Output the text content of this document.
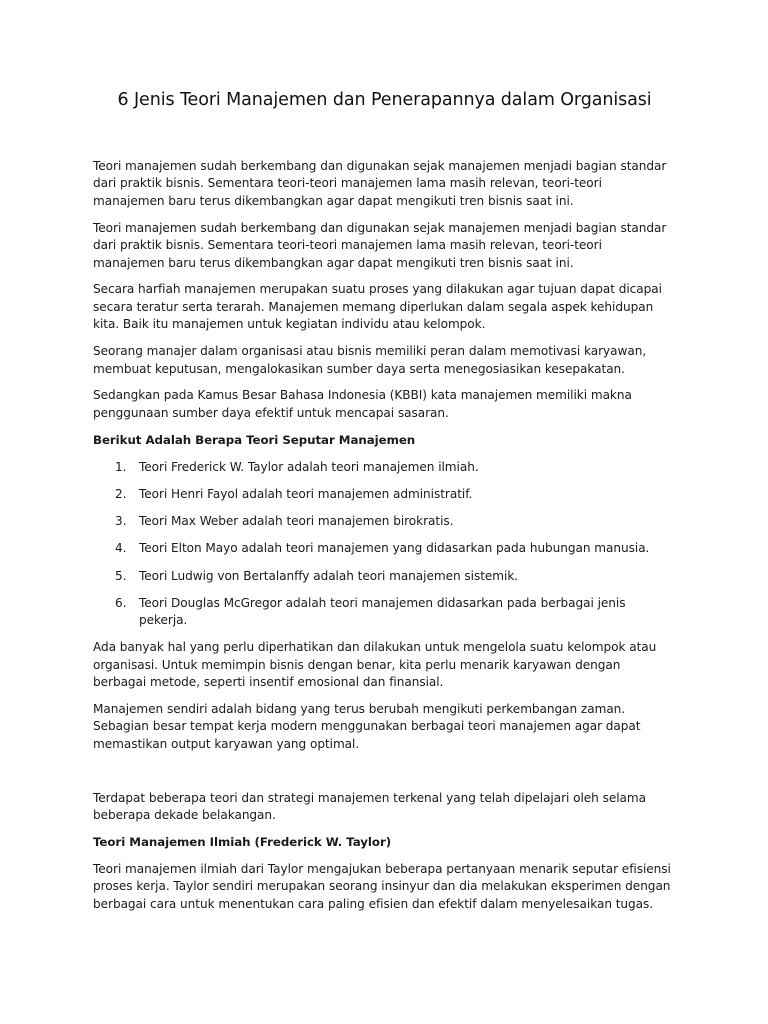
6 Jenis Teori Manajemen dan Penerapannya dalam Organisasi

Teori manajemen sudah berkembang dan digunakan sejak manajemen menjadi bagian standar dari praktik bisnis. Sementara teori-teori manajemen lama masih relevan, teori-teori manajemen baru terus dikembangkan agar dapat mengikuti tren bisnis saat ini.

Teori manajemen sudah berkembang dan digunakan sejak manajemen menjadi bagian standar dari praktik bisnis. Sementara teori-teori manajemen lama masih relevan, teori-teori manajemen baru terus dikembangkan agar dapat mengikuti tren bisnis saat ini.

Secara harfiah manajemen merupakan suatu proses yang dilakukan agar tujuan dapat dicapai secara teratur serta terarah. Manajemen memang diperlukan dalam segala aspek kehidupan kita. Baik itu manajemen untuk kegiatan individu atau kelompok.

Seorang manajer dalam organisasi atau bisnis memiliki peran dalam memotivasi karyawan, membuat keputusan, mengalokasikan sumber daya serta menegosiasikan kesepakatan.

Sedangkan pada Kamus Besar Bahasa Indonesia (KBBI) kata manajemen memiliki makna penggunaan sumber daya efektif untuk mencapai sasaran.

Berikut Adalah Berapa Teori Seputar Manajemen

1.	Teori Frederick W. Taylor adalah teori manajemen ilmiah.
2.	Teori Henri Fayol adalah teori manajemen administratif.
3.	Teori Max Weber adalah teori manajemen birokratis.
4.	Teori Elton Mayo adalah teori manajemen yang didasarkan pada hubungan manusia.
5.	Teori Ludwig von Bertalanffy adalah teori manajemen sistemik.
6.	Teori Douglas McGregor adalah teori manajemen didasarkan pada berbagai jenis pekerja.

Ada banyak hal yang perlu diperhatikan dan dilakukan untuk mengelola suatu kelompok atau organisasi. Untuk memimpin bisnis dengan benar, kita perlu menarik karyawan dengan berbagai metode, seperti insentif emosional dan finansial.

Manajemen sendiri adalah bidang yang terus berubah mengikuti perkembangan zaman. Sebagian besar tempat kerja modern menggunakan berbagai teori manajemen agar dapat memastikan output karyawan yang optimal.

Terdapat beberapa teori dan strategi manajemen terkenal yang telah dipelajari oleh selama beberapa dekade belakangan.

Teori Manajemen Ilmiah (Frederick W. Taylor)

Teori manajemen ilmiah dari Taylor mengajukan beberapa pertanyaan menarik seputar efisiensi proses kerja. Taylor sendiri merupakan seorang insinyur dan dia melakukan eksperimen dengan berbagai cara untuk menentukan cara paling efisien dan efektif dalam menyelesaikan tugas.
